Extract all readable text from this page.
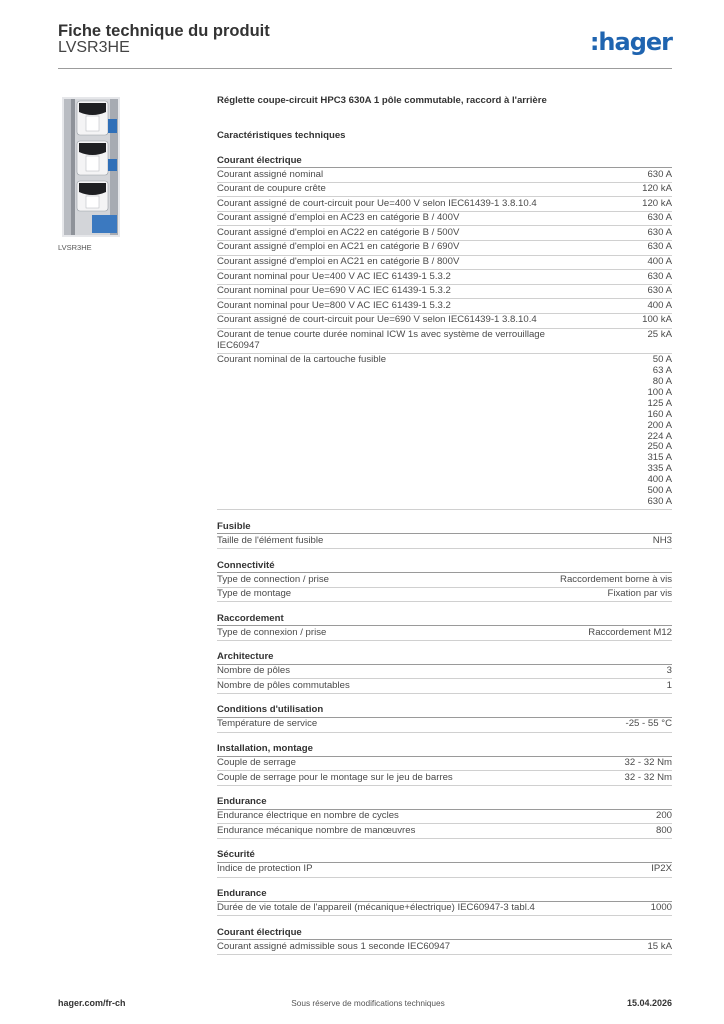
Fiche technique du produit
LVSR3HE	:hager
LVSR3HE
Réglette coupe-circuit HPC3 630A 1 pôle commutable, raccord à l'arrière
Caractéristiques techniques
Courant électrique
Courant assigné nominal	630 A
Courant de coupure crête	120 kA
Courant assigné de court-circuit pour Ue=400 V selon IEC61439-1 3.8.10.4	120 kA
Courant assigné d'emploi en AC23 en catégorie B / 400V	630 A
Courant assigné d'emploi en AC22 en catégorie B / 500V	630 A
Courant assigné d'emploi en AC21 en catégorie B / 690V	630 A
Courant assigné d'emploi en AC21 en catégorie B / 800V	400 A
Courant nominal pour Ue=400 V AC IEC 61439-1 5.3.2	630 A
Courant nominal pour Ue=690 V AC IEC 61439-1 5.3.2	630 A
Courant nominal pour Ue=800 V AC IEC 61439-1 5.3.2	400 A
Courant assigné de court-circuit pour Ue=690 V selon IEC61439-1 3.8.10.4	100 kA
Courant de tenue courte durée nominal ICW 1s avec système de verrouillage IEC60947
25 kA
Courant nominal de la cartouche fusible	50 A
63 A
80 A
100 A
125 A
160 A
200 A
224 A
250 A
315 A
335 A
400 A
500 A
630 A
Fusible
Taille de l'élément fusible	NH3
Connectivité
Type de connection / prise	Raccordement borne à vis
Type de montage	Fixation par vis
Raccordement
Type de connexion / prise	Raccordement M12
Architecture
Nombre de pôles	3
Nombre de pôles commutables	1
Conditions d'utilisation
Température de service	-25 - 55 °C
Installation, montage
Couple de serrage	32 - 32 Nm
Couple de serrage pour le montage sur le jeu de barres	32 - 32 Nm
Endurance
Endurance électrique en nombre de cycles	200
Endurance mécanique nombre de manœuvres	800
Sécurité
Indice de protection IP	IP2X
Endurance
Durée de vie totale de l'appareil (mécanique+électrique) IEC60947-3 tabl.4	1000
Courant électrique
Courant assigné admissible sous 1 seconde IEC60947	15 kA
hager.com/fr-ch	Sous réserve de modifications techniques	15.04.2026
